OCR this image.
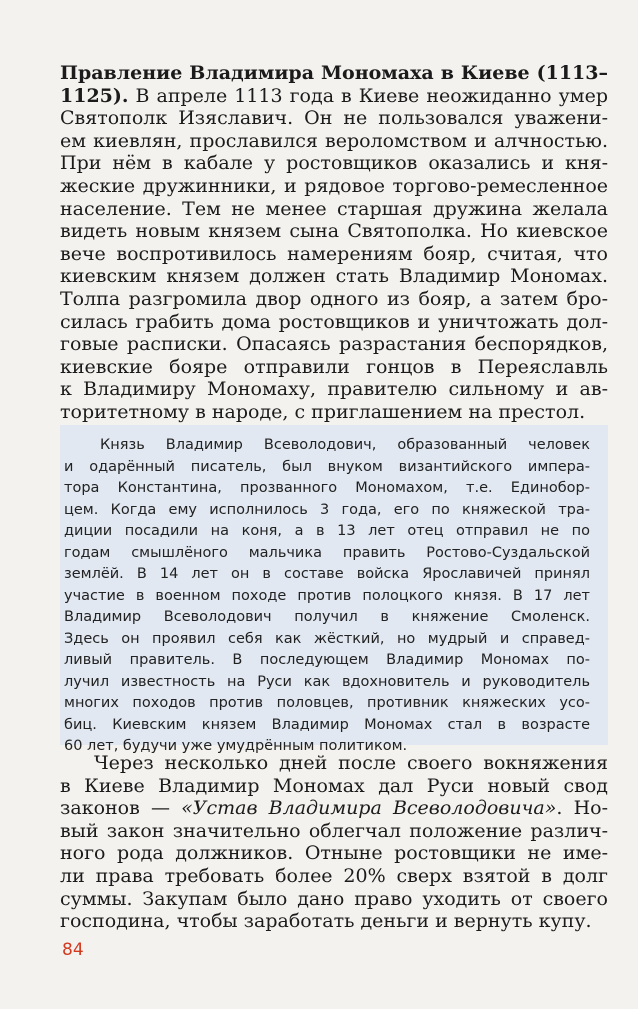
Правление Владимира Мономаха в Киеве (1113–
1125). В апреле 1113 года в Киеве неожиданно умер
Святополк Изяславич. Он не пользовался уважени-
ем киевлян, прославился вероломством и алчностью.
При нём в кабале у ростовщиков оказались и кня-
жеские дружинники, и рядовое торгово-ремесленное
население. Тем не менее старшая дружина желала
видеть новым князем сына Святополка. Но киевское
вече воспротивилось намерениям бояр, считая, что
киевским князем должен стать Владимир Мономах.
Толпа разгромила двор одного из бояр, а затем бро-
силась грабить дома ростовщиков и уничтожать дол-
говые расписки. Опасаясь разрастания беспорядков,
киевские бояре отправили гонцов в Переяславль
к Владимиру Мономаху, правителю сильному и ав-
торитетному в народе, с приглашением на престол.
Князь Владимир Всеволодович, образованный человек
и одарённый писатель, был внуком византийского импера-
тора Константина, прозванного Мономахом, т.е. Единобор-
цем. Когда ему исполнилось 3 года, его по княжеской тра-
диции посадили на коня, а в 13 лет отец отправил не по
годам смышлёного мальчика править Ростово-Суздальской
землёй. В 14 лет он в составе войска Ярославичей принял
участие в военном походе против полоцкого князя. В 17 лет
Владимир Всеволодович получил в княжение Смоленск.
Здесь он проявил себя как жёсткий, но мудрый и справед-
ливый правитель. В последующем Владимир Мономах по-
лучил известность на Руси как вдохновитель и руководитель
многих походов против половцев, противник княжеских усо-
биц. Киевским князем Владимир Мономах стал в возрасте
60 лет, будучи уже умудрённым политиком.
Через несколько дней после своего вокняжения
в Киеве Владимир Мономах дал Руси новый свод
законов — «Устав Владимира Всеволодовича». Но-
вый закон значительно облегчал положение различ-
ного рода должников. Отныне ростовщики не име-
ли права требовать более 20% сверх взятой в долг
суммы. Закупам было дано право уходить от своего
господина, чтобы заработать деньги и вернуть купу.
84
